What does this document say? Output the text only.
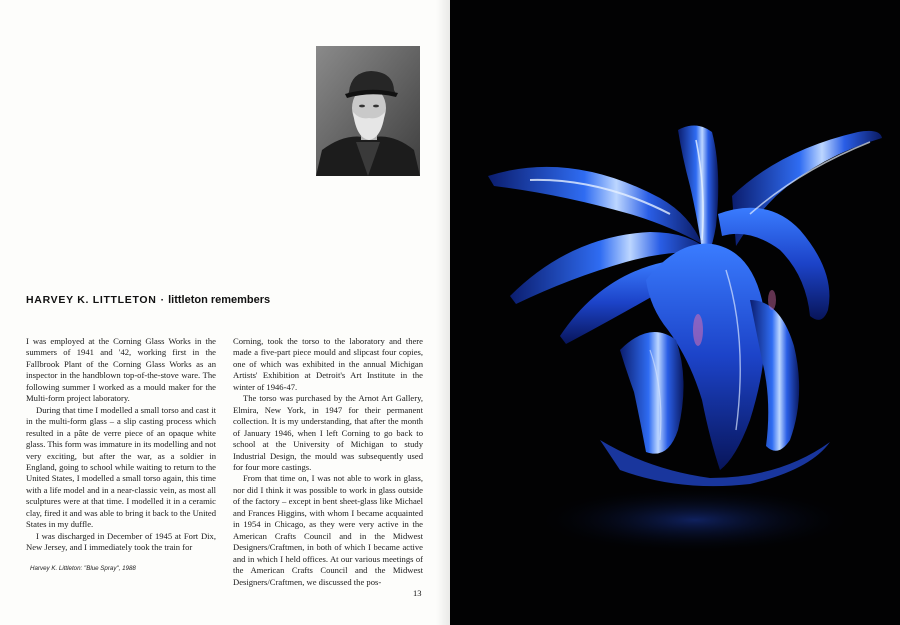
HARVEY K. LITTLETON · littleton remembers

I was employed at the Corning Glass Works in the summers of 1941 and '42, working first in the Fallbrook Plant of the Corning Glass Works as an inspector in the handblown top-of-the-stove ware. The following summer I worked as a mould maker for the Multi-form project laboratory.

During that time I modelled a small torso and cast it in the multi-form glass – a slip casting process which resulted in a pâte de verre piece of an opaque white glass. This form was immature in its modelling and not very exciting, but after the war, as a soldier in England, going to school while waiting to return to the United States, I modelled a small torso again, this time with a life model and in a near-classic vein, as most all sculptures were at that time. I modelled it in a ceramic clay, fired it and was able to bring it back to the United States in my duffle.

I was discharged in December of 1945 at Fort Dix, New Jersey, and I immediately took the train for

Corning, took the torso to the laboratory and there made a five-part piece mould and slipcast four copies, one of which was exhibited in the annual Michigan Artists' Exhibition at Detroit's Art Institute in the winter of 1946-47.

The torso was purchased by the Arnot Art Gallery, Elmira, New York, in 1947 for their permanent collection. It is my understanding, that after the month of January 1946, when I left Corning to go back to school at the University of Michigan to study Industrial Design, the mould was subsequently used for four more castings.

From that time on, I was not able to work in glass, nor did I think it was possible to work in glass outside of the factory – except in bent sheet-glass like Michael and Frances Higgins, with whom I became acquainted in 1954 in Chicago, as they were very active in the American Crafts Council and in the Midwest Designers/Craftmen, in both of which I became active and in which I held offices. At our various meetings of the American Crafts Council and the Midwest Designers/Craftmen, we discussed the pos-

Harvey K. Littleton: "Blue Spray", 1988
13
